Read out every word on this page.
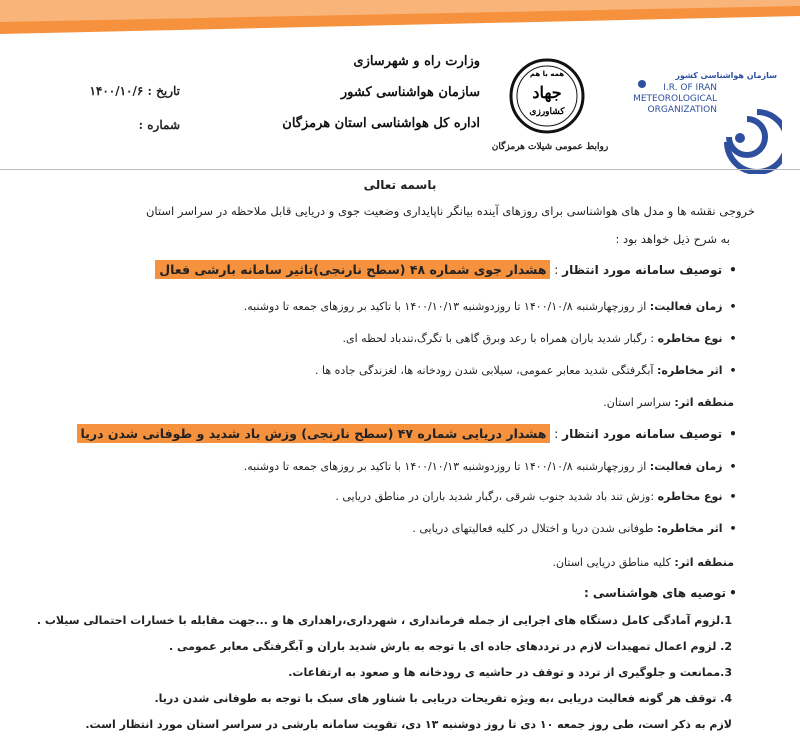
وزارت راه و شهرسازی
سازمان هواشناسی کشور
اداره کل هواشناسی استان هرمزگان
تاریخ : ۱۴۰۰/۱۰/۶
شماره :
همه با هم
جهاد
کشاورزی
روابط عمومی شیلات هرمزگان
سازمان هواشناسی کشور
I.R. OF IRAN
METEOROLOGICAL
ORGANIZATION
باسمه تعالی
خروجی نقشه ها و مدل های هواشناسی برای روزهای آینده بیانگر ناپایداری وضعیت جوی و دریایی قابل ملاحظه در سراسر استان
به شرح ذیل خواهد بود :
• توصیف سامانه مورد انتظار : هشدار جوی شماره ۴۸ (سطح نارنجی)تاثیر سامانه بارشی فعال
• زمان فعالیت: از روزچهارشنبه ۱۴۰۰/۱۰/۸ تا روزدوشنبه ۱۴۰۰/۱۰/۱۳ با تاکید بر روزهای جمعه تا دوشنبه.
• نوع مخاطره : رگبار شدید باران همراه با رعد وبرق گاهی با تگرگ،تندباد لحظه ای.
• اثر مخاطره: آبگرفتگی شدید معابر عمومی، سیلابی شدن رودخانه ها، لغزندگی جاده ها .
منطقه اثر: سراسر استان.
• توصیف سامانه مورد انتظار : هشدار دریایی شماره ۴۷ (سطح نارنجی) وزش باد شدید و طوفانی شدن دریا
• زمان فعالیت: از روزچهارشنبه ۱۴۰۰/۱۰/۸ تا روزدوشنبه ۱۴۰۰/۱۰/۱۳ با تاکید بر روزهای جمعه تا دوشنبه.
• نوع مخاطره :وزش تند باد شدید جنوب شرقی ،رگبار شدید باران در مناطق دریایی .
• اثر مخاطره: طوفانی شدن دریا و اختلال در کلیه فعالیتهای دریایی .
منطقه اثر: کلیه مناطق دریایی استان.
• توصیه های هواشناسی :
1.لزوم آمادگی کامل دستگاه های اجرایی از جمله فرمانداری ، شهرداری،راهداری ها و ...جهت مقابله با خسارات احتمالی سیلاب .
2. لزوم اعمال تمهیدات لازم در ترددهای جاده ای با توجه به بارش شدید باران و آبگرفتگی معابر عمومی .
3.ممانعت و جلوگیری از تردد و توقف در حاشیه ی رودخانه ها و صعود به ارتفاعات.
4. توقف هر گونه فعالیت دریایی ،به ویژه تفریحات دریایی با شناور های سبک با توجه به طوفانی شدن دریا.
لازم به ذکر است، طی روز جمعه ۱۰ دی تا روز دوشنبه ۱۳ دی، تقویت سامانه بارشی در سراسر استان مورد انتظار است.
